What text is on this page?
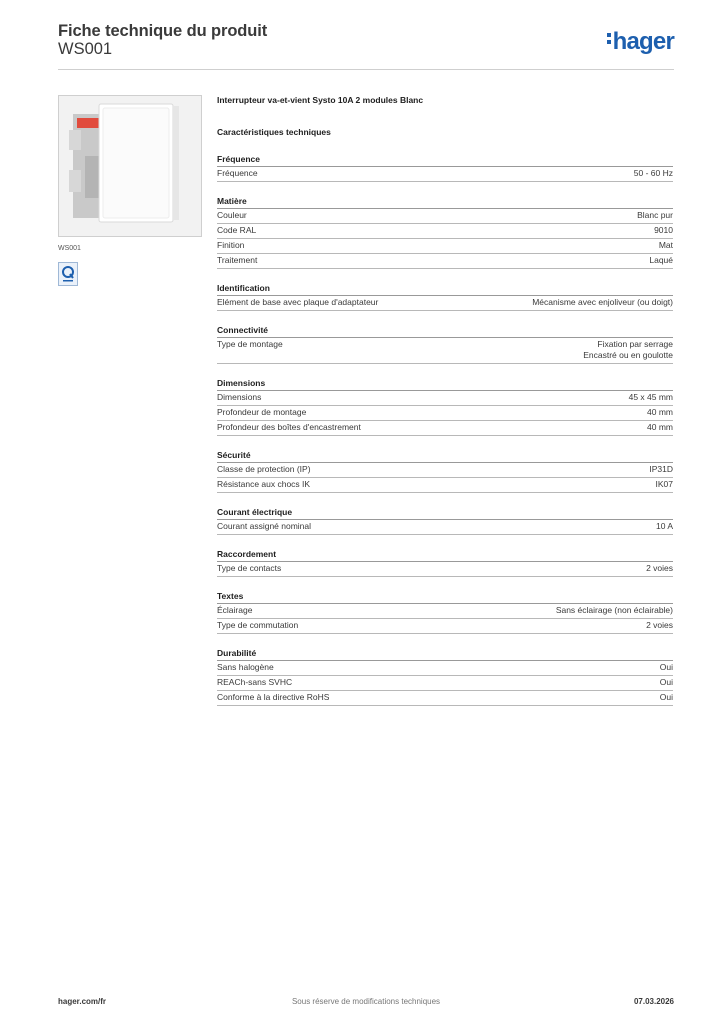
Fiche technique du produit
WS001	hager
WS001
Interrupteur va-et-vient Systo 10A 2 modules Blanc
Caractéristiques techniques
Fréquence
Fréquence	50 - 60 Hz
Matière
Couleur	Blanc pur
Code RAL	9010
Finition	Mat
Traitement	Laqué
Identification
Elément de base avec plaque d'adaptateur	Mécanisme avec enjoliveur (ou doigt)
Connectivité
Type de montage	Fixation par serrage
Encastré ou en goulotte
Dimensions
Dimensions	45 x 45 mm
Profondeur de montage	40 mm
Profondeur des boîtes d'encastrement	40 mm
Sécurité
Classe de protection (IP)	IP31D
Résistance aux chocs IK	IK07
Courant électrique
Courant assigné nominal	10 A
Raccordement
Type de contacts	2 voies
Textes
Éclairage	Sans éclairage (non éclairable)
Type de commutation	2 voies
Durabilité
Sans halogène	Oui
REACh-sans SVHC	Oui
Conforme à la directive RoHS	Oui
hager.com/fr	Sous réserve de modifications techniques	07.03.2026
